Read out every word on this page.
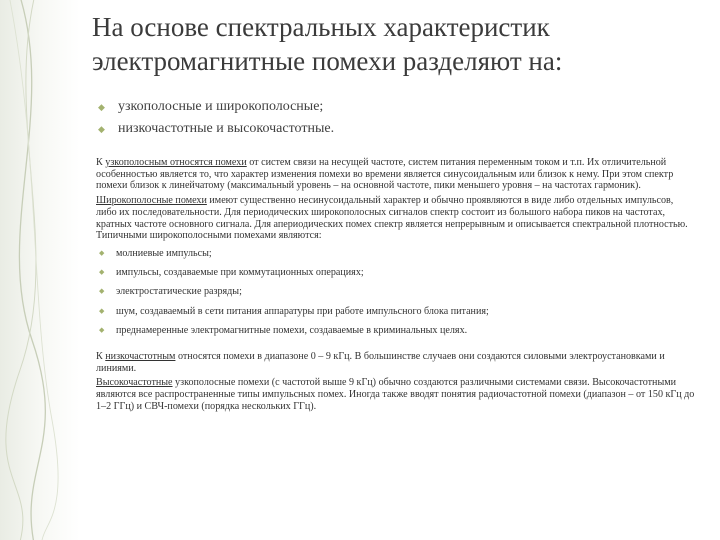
На основе спектральных характеристик
электромагнитные помехи разделяют на:
◆ узкополосные и широкополосные;
◆ низкочастотные и высокочастотные.

К узкополосным относятся помехи от систем связи на несущей частоте, систем питания переменным током и т.п. Их отличительной особенностью является то, что характер изменения помехи во времени является синусоидальным или близок к нему. При этом спектр помехи близок к линейчатому (максимальный уровень – на основной частоте, пики меньшего уровня – на частотах гармоник).

Широкополосные помехи имеют существенно несинусоидальный характер и обычно проявляются в виде либо отдельных импульсов, либо их последовательности. Для периодических широкополосных сигналов спектр состоит из большого набора пиков на частотах, кратных частоте основного сигнала. Для апериодических помех спектр является непрерывным и описывается спектральной плотностью.

Типичными широкополосными помехами являются:

◆ молниевые импульсы;
◆ импульсы, создаваемые при коммутационных операциях;
◆ электростатические разряды;
◆ шум, создаваемый в сети питания аппаратуры при работе импульсного блока питания;
◆ преднамеренные электромагнитные помехи, создаваемые в криминальных целях.

К низкочастотным относятся помехи в диапазоне 0 – 9 кГц. В большинстве случаев они создаются силовыми электроустановками и линиями.

Высокочастотные узкополосные помехи (с частотой выше 9 кГц) обычно создаются различными системами связи. Высокочастотными являются все распространенные типы импульсных помех. Иногда также вводят понятия радиочастотной помехи (диапазон – от 150 кГц до 1–2 ГГц) и СВЧ-помехи (порядка нескольких ГГц).
